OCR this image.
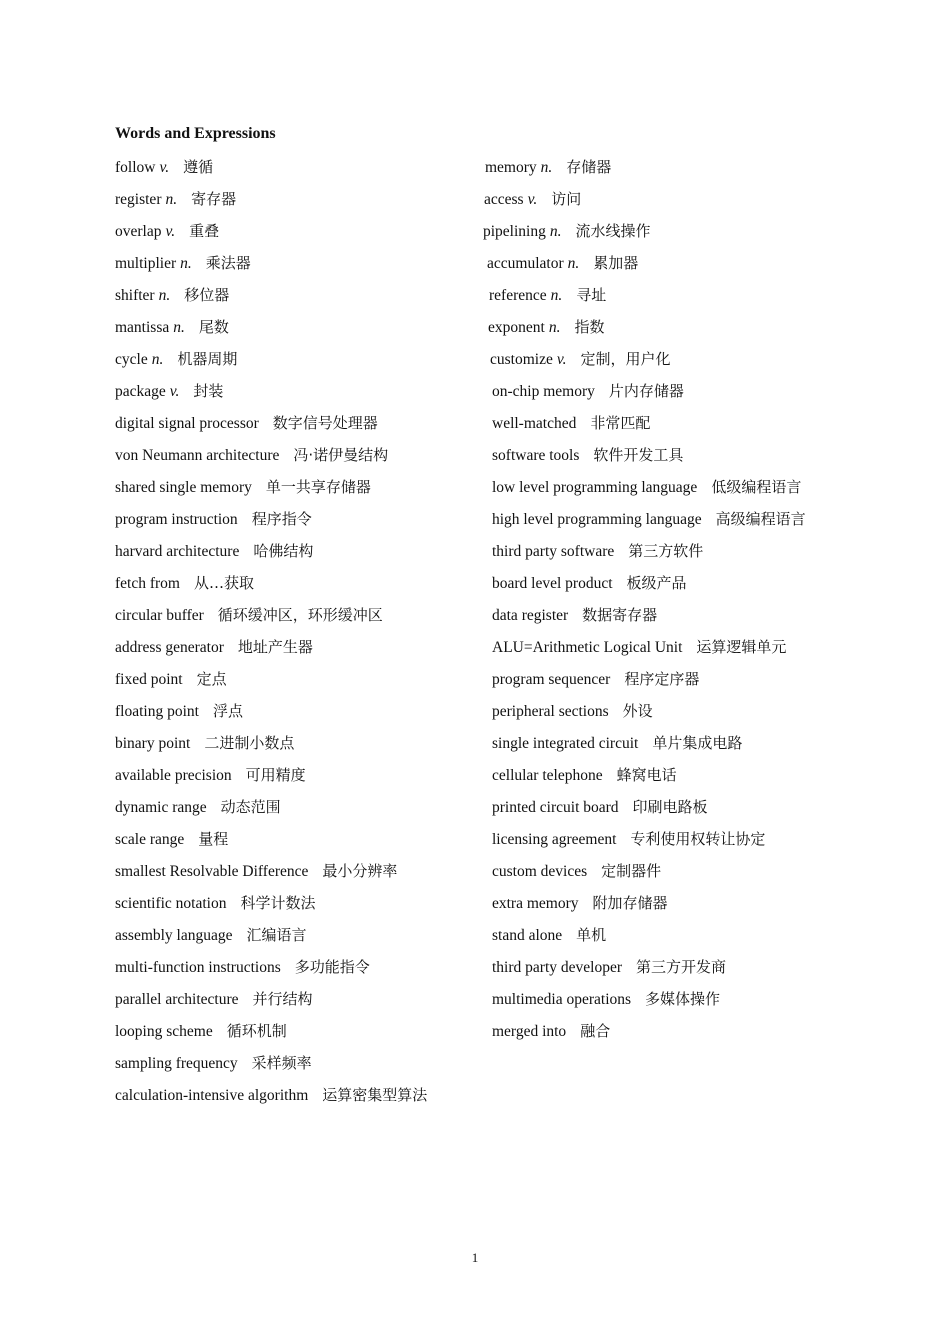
Words and Expressions
follow v. 遵循
register n. 寄存器
overlap v. 重叠
multiplier n. 乘法器
shifter n. 移位器
mantissa n. 尾数
cycle n. 机器周期
package v. 封装
digital signal processor 数字信号处理器
von Neumann architecture 冯·诺伊曼结构
shared single memory 单一共享存储器
program instruction 程序指令
harvard architecture 哈佛结构
fetch from 从…获取
circular buffer 循环缓冲区，环形缓冲区
address generator 地址产生器
fixed point 定点
floating point 浮点
binary point 二进制小数点
available precision 可用精度
dynamic range 动态范围
scale range 量程
smallest Resolvable Difference 最小分辨率
scientific notation 科学计数法
assembly language 汇编语言
multi-function instructions 多功能指令
parallel architecture 并行结构
looping scheme 循环机制
sampling frequency 采样频率
calculation-intensive algorithm 运算密集型算法
memory n. 存储器
access v. 访问
pipelining n. 流水线操作
accumulator n. 累加器
reference n. 寻址
exponent n. 指数
customize v. 定制，用户化
on-chip memory 片内存储器
well-matched 非常匹配
software tools 软件开发工具
low level programming language 低级编程语言
high level programming language 高级编程语言
third party software 第三方软件
board level product 板级产品
data register 数据寄存器
ALU=Arithmetic Logical Unit 运算逻辑单元
program sequencer 程序定序器
peripheral sections 外设
single integrated circuit 单片集成电路
cellular telephone 蜂窝电话
printed circuit board 印刷电路板
licensing agreement 专利使用权转让协定
custom devices 定制器件
extra memory 附加存储器
stand alone 单机
third party developer 第三方开发商
multimedia operations 多媒体操作
merged into 融合
1
